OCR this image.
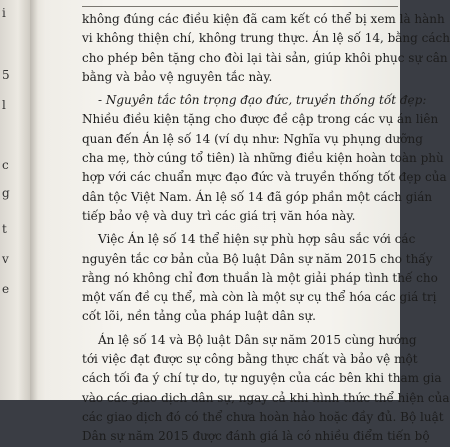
i
5
l
c
g
t
v
e
không đúng các điều kiện đã cam kết có thể bị xem là hành
vi không thiện chí, không trung thực. Án lệ số 14, bằng cách
cho phép bên tặng cho đòi lại tài sản, giúp khôi phục sự cân
bằng và bảo vệ nguyên tắc này.
- Nguyên tắc tôn trọng đạo đức, truyền thống tốt đẹp:
Nhiều điều kiện tặng cho được đề cập trong các vụ án liên
quan đến Án lệ số 14 (ví dụ như: Nghĩa vụ phụng dưỡng
cha mẹ, thờ cúng tổ tiên) là những điều kiện hoàn toàn phù
hợp với các chuẩn mực đạo đức và truyền thống tốt đẹp của
dân tộc Việt Nam. Án lệ số 14 đã góp phần một cách gián
tiếp bảo vệ và duy trì các giá trị văn hóa này.
Việc Án lệ số 14 thể hiện sự phù hợp sâu sắc với các
nguyên tắc cơ bản của Bộ luật Dân sự năm 2015 cho thấy
rằng nó không chỉ đơn thuần là một giải pháp tình thế cho
một vấn đề cụ thể, mà còn là một sự cụ thể hóa các giá trị
cốt lõi, nền tảng của pháp luật dân sự.
Án lệ số 14 và Bộ luật Dân sự năm 2015 cùng hướng
tới việc đạt được sự công bằng thực chất và bảo vệ một
cách tối đa ý chí tự do, tự nguyện của các bên khi tham gia
vào các giao dịch dân sự, ngay cả khi hình thức thể hiện của
các giao dịch đó có thể chưa hoàn hảo hoặc đầy đủ. Bộ luật
Dân sự năm 2015 được đánh giá là có nhiều điểm tiến bộ
